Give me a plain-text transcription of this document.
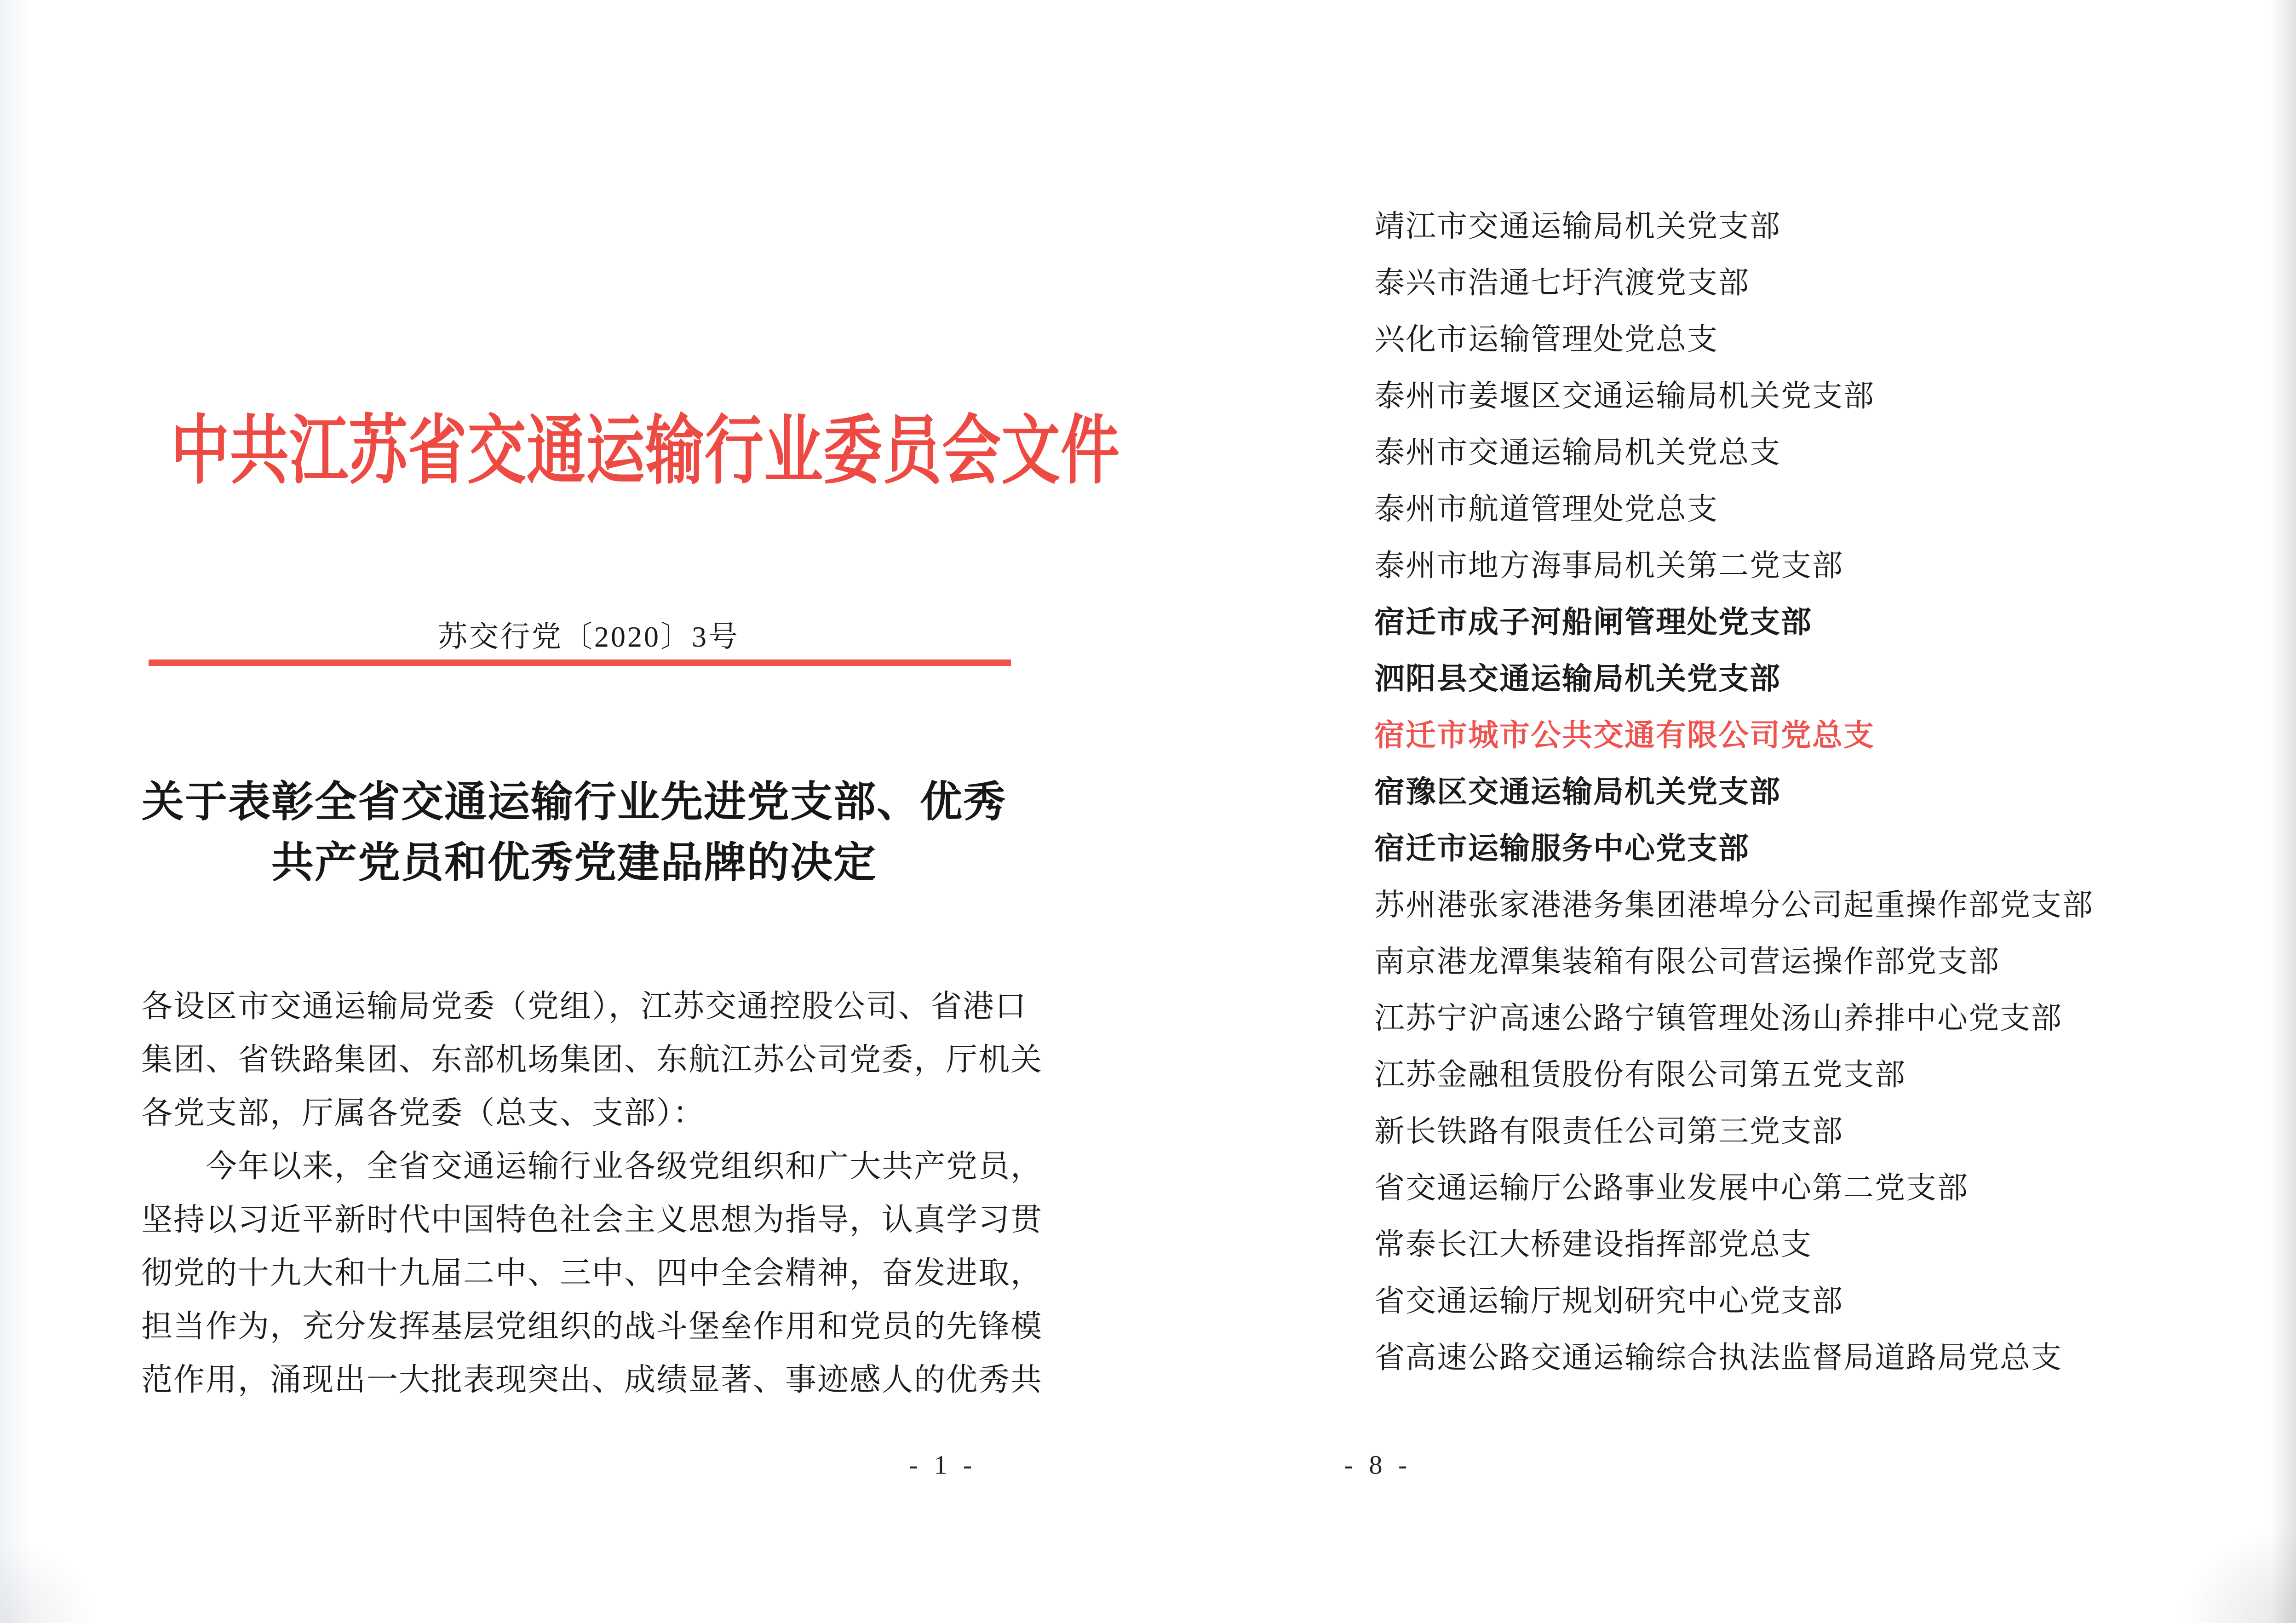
中共江苏省交通运输行业委员会文件
苏交行党〔2020〕3号
关于表彰全省交通运输行业先进党支部、优秀
共产党员和优秀党建品牌的决定
各设区市交通运输局党委（党组），江苏交通控股公司、省港口
集团、省铁路集团、东部机场集团、东航江苏公司党委，厅机关
各党支部，厅属各党委（总支、支部）：
今年以来，全省交通运输行业各级党组织和广大共产党员，
坚持以习近平新时代中国特色社会主义思想为指导，认真学习贯
彻党的十九大和十九届二中、三中、四中全会精神，奋发进取，
担当作为，充分发挥基层党组织的战斗堡垒作用和党员的先锋模
范作用，涌现出一大批表现突出、成绩显著、事迹感人的优秀共
- 1 -
靖江市交通运输局机关党支部
泰兴市浩通七圩汽渡党支部
兴化市运输管理处党总支
泰州市姜堰区交通运输局机关党支部
泰州市交通运输局机关党总支
泰州市航道管理处党总支
泰州市地方海事局机关第二党支部
宿迁市成子河船闸管理处党支部
泗阳县交通运输局机关党支部
宿迁市城市公共交通有限公司党总支
宿豫区交通运输局机关党支部
宿迁市运输服务中心党支部
苏州港张家港港务集团港埠分公司起重操作部党支部
南京港龙潭集装箱有限公司营运操作部党支部
江苏宁沪高速公路宁镇管理处汤山养排中心党支部
江苏金融租赁股份有限公司第五党支部
新长铁路有限责任公司第三党支部
省交通运输厅公路事业发展中心第二党支部
常泰长江大桥建设指挥部党总支
省交通运输厅规划研究中心党支部
省高速公路交通运输综合执法监督局道路局党总支
- 8 -
